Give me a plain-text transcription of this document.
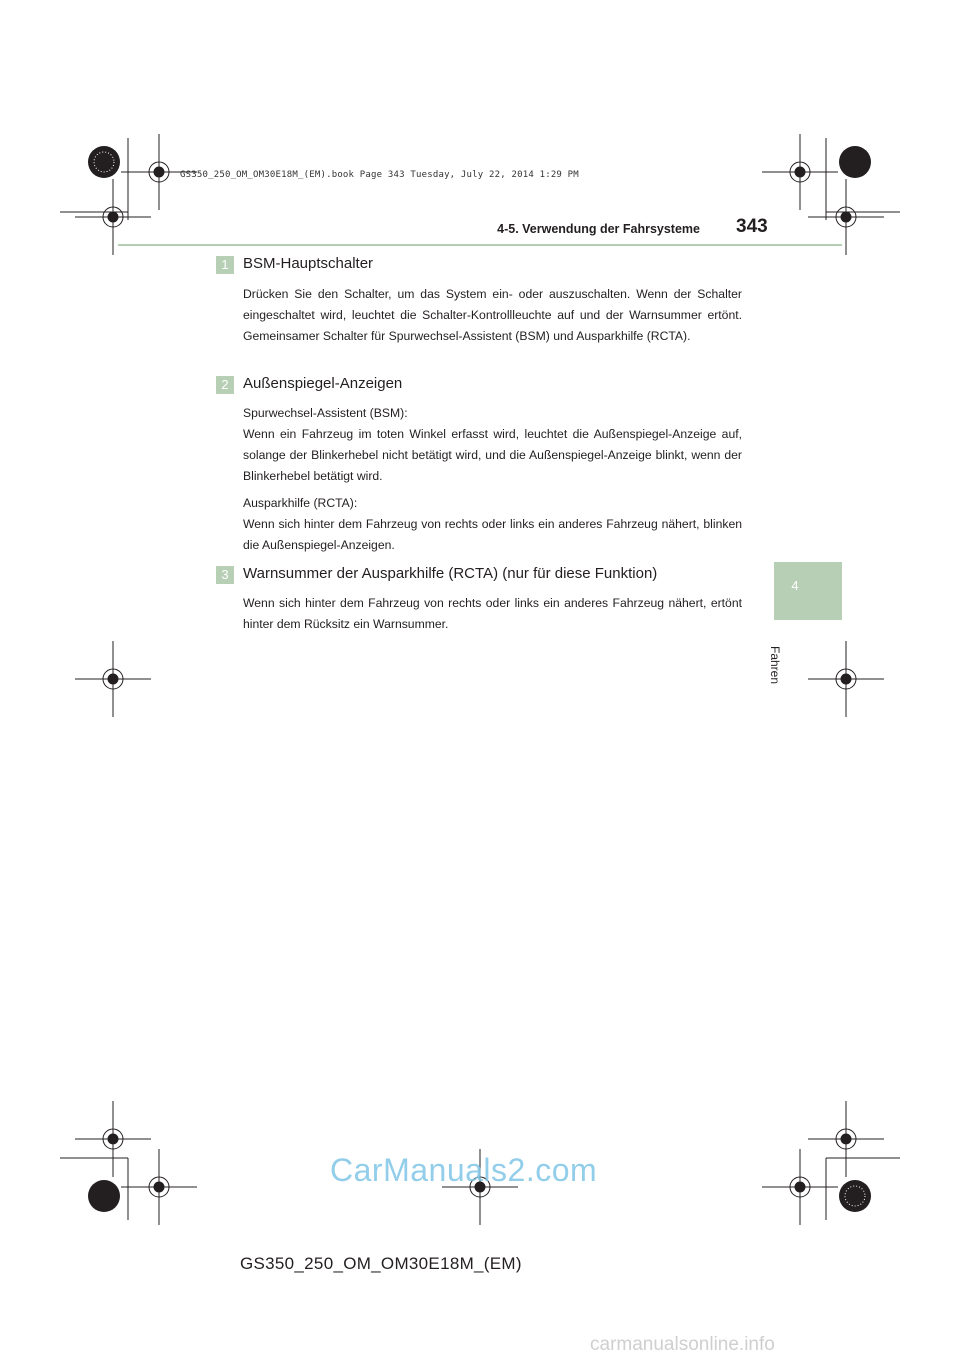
GS350_250_OM_OM30E18M_(EM).book Page 343 Tuesday, July 22, 2014 1:29 PM
4-5. Verwendung der Fahrsysteme 343
4
Fahren
1 BSM-Hauptschalter
Drücken Sie den Schalter, um das System ein- oder auszuschalten. Wenn der Schalter eingeschaltet wird, leuchtet die Schalter-Kontrollleuchte auf und der Warnsummer ertönt. Gemeinsamer Schalter für Spurwechsel-Assistent (BSM) und Ausparkhilfe (RCTA).
2 Außenspiegel-Anzeigen
Spurwechsel-Assistent (BSM):
Wenn ein Fahrzeug im toten Winkel erfasst wird, leuchtet die Außenspiegel-Anzeige auf, solange der Blinkerhebel nicht betätigt wird, und die Außenspiegel-Anzeige blinkt, wenn der Blinkerhebel betätigt wird.
Ausparkhilfe (RCTA):
Wenn sich hinter dem Fahrzeug von rechts oder links ein anderes Fahrzeug nähert, blinken die Außenspiegel-Anzeigen.
3 Warnsummer der Ausparkhilfe (RCTA) (nur für diese Funktion)
Wenn sich hinter dem Fahrzeug von rechts oder links ein anderes Fahrzeug nähert, ertönt hinter dem Rücksitz ein Warnsummer.
CarManuals2.com
GS350_250_OM_OM30E18M_(EM)
carmanualsonline.info
